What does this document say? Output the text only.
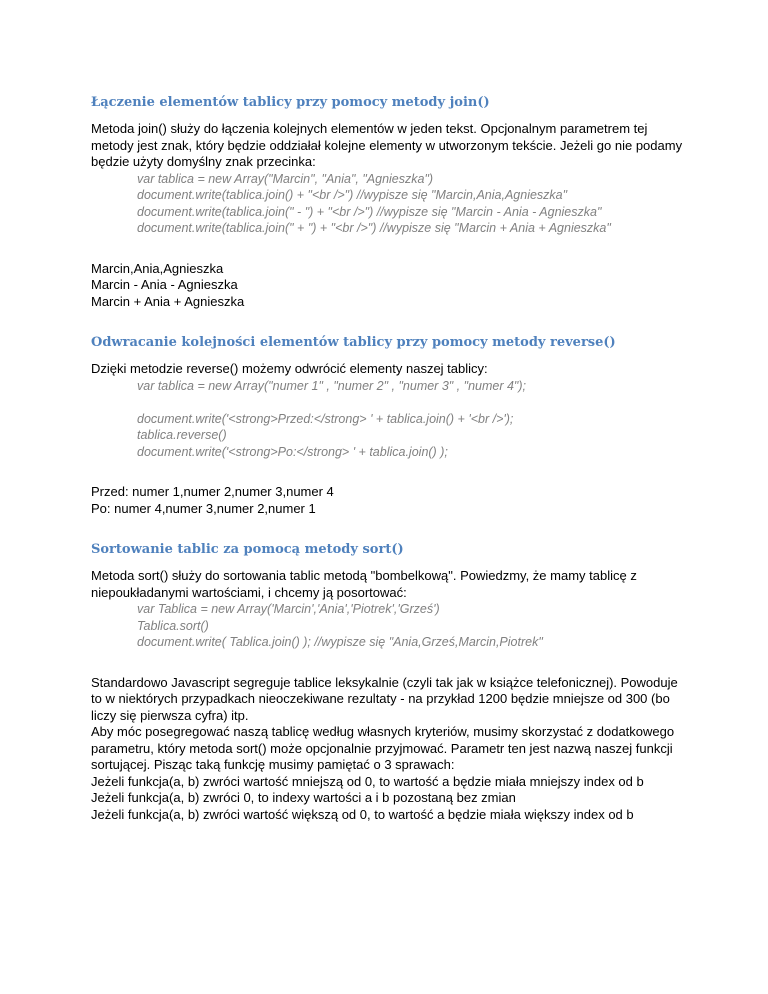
Łączenie elementów tablicy przy pomocy metody join()

Metoda join() służy do łączenia kolejnych elementów w jeden tekst. Opcjonalnym parametrem tej metody jest znak, który będzie oddziałał kolejne elementy w utworzonym tekście. Jeżeli go nie podamy będzie użyty domyślny znak przecinka:

var tablica = new Array("Marcin", "Ania", "Agnieszka")

document.write(tablica.join() + "<br />") //wypisze się "Marcin,Ania,Agnieszka"

document.write(tablica.join(" - ") + "<br />") //wypisze się "Marcin - Ania - Agnieszka"

document.write(tablica.join(" + ") + "<br />") //wypisze się "Marcin + Ania + Agnieszka"

Marcin,Ania,Agnieszka

Marcin - Ania - Agnieszka

Marcin + Ania + Agnieszka

Odwracanie kolejności elementów tablicy przy pomocy metody reverse()

Dzięki metodzie reverse() możemy odwrócić elementy naszej tablicy:

var tablica = new Array("numer 1" , "numer 2" , "numer 3" , "numer 4");

document.write('<strong>Przed:</strong> ' + tablica.join() + '<br />');

tablica.reverse()

document.write('<strong>Po:</strong> ' + tablica.join() );

Przed: numer 1,numer 2,numer 3,numer 4

Po: numer 4,numer 3,numer 2,numer 1

Sortowanie tablic za pomocą metody sort()

Metoda sort() służy do sortowania tablic metodą "bombelkową". Powiedzmy, że mamy tablicę z niepoukładanymi wartościami, i chcemy ją posortować:

var Tablica = new Array('Marcin','Ania','Piotrek','Grześ')

Tablica.sort()

document.write( Tablica.join() ); //wypisze się "Ania,Grześ,Marcin,Piotrek"

Standardowo Javascript segreguje tablice leksykalnie (czyli tak jak w książce telefonicznej). Powoduje to w niektórych przypadkach nieoczekiwane rezultaty - na przykład 1200 będzie mniejsze od 300 (bo liczy się pierwsza cyfra) itp.

Aby móc posegregować naszą tablicę według własnych kryteriów, musimy skorzystać z dodatkowego parametru, który metoda sort() może opcjonalnie przyjmować. Parametr ten jest nazwą naszej funkcji sortującej. Pisząc taką funkcję musimy pamiętać o 3 sprawach:

Jeżeli funkcja(a, b) zwróci wartość mniejszą od 0, to wartość a będzie miała mniejszy index od b

Jeżeli funkcja(a, b) zwróci 0, to indexy wartości a i b pozostaną bez zmian

Jeżeli funkcja(a, b) zwróci wartość większą od 0, to wartość a będzie miała większy index od b
